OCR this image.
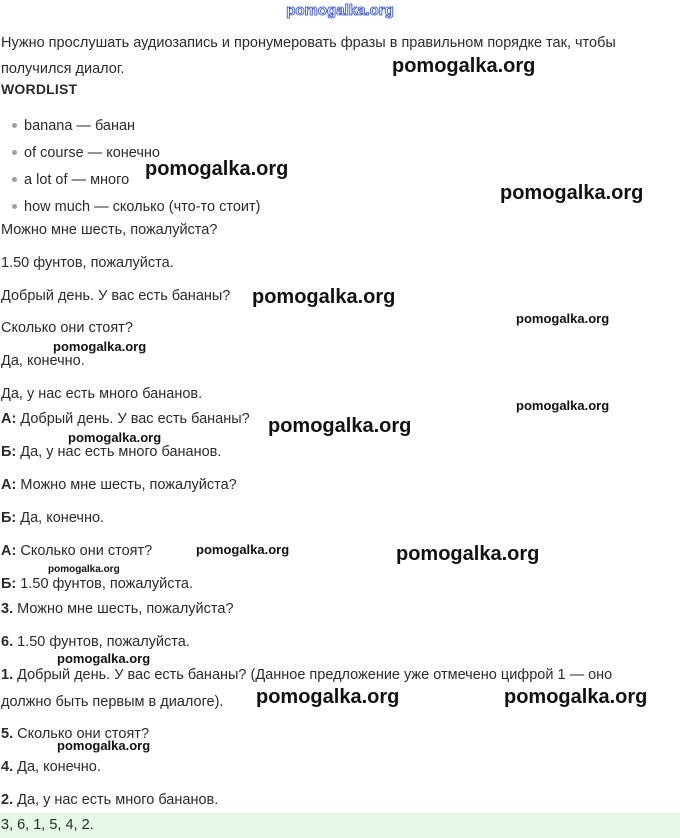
pomogalka.org
Нужно прослушать аудиозапись и пронумеровать фразы в правильном порядке так, чтобы получился диалог.
WORDLIST
banana — банан
of course — конечно
a lot of — много
how much — сколько (что-то стоит)
Можно мне шесть, пожалуйста?
1.50 фунтов, пожалуйста.
Добрый день. У вас есть бананы?
Сколько они стоят?
Да, конечно.
Да, у нас есть много бананов.
А: Добрый день. У вас есть бананы?
Б: Да, у нас есть много бананов.
А: Можно мне шесть, пожалуйста?
Б: Да, конечно.
А: Сколько они стоят?
Б: 1.50 фунтов, пожалуйста.
3. Можно мне шесть, пожалуйста?
6. 1.50 фунтов, пожалуйста.
1. Добрый день. У вас есть бананы? (Данное предложение уже отмечено цифрой 1 — оно
должно быть первым в диалоге).
5. Сколько они стоят?
4. Да, конечно.
2. Да, у нас есть много бананов.
3, 6, 1, 5, 4, 2.
pomogalka.org
pomogalka.org
pomogalka.org
pomogalka.org
pomogalka.org
pomogalka.org
pomogalka.org
pomogalka.org
pomogalka.org
pomogalka.org	pomogalka.org
pomogalka.org
pomogalka.org
pomogalka.org	pomogalka.org
pomogalka.org
